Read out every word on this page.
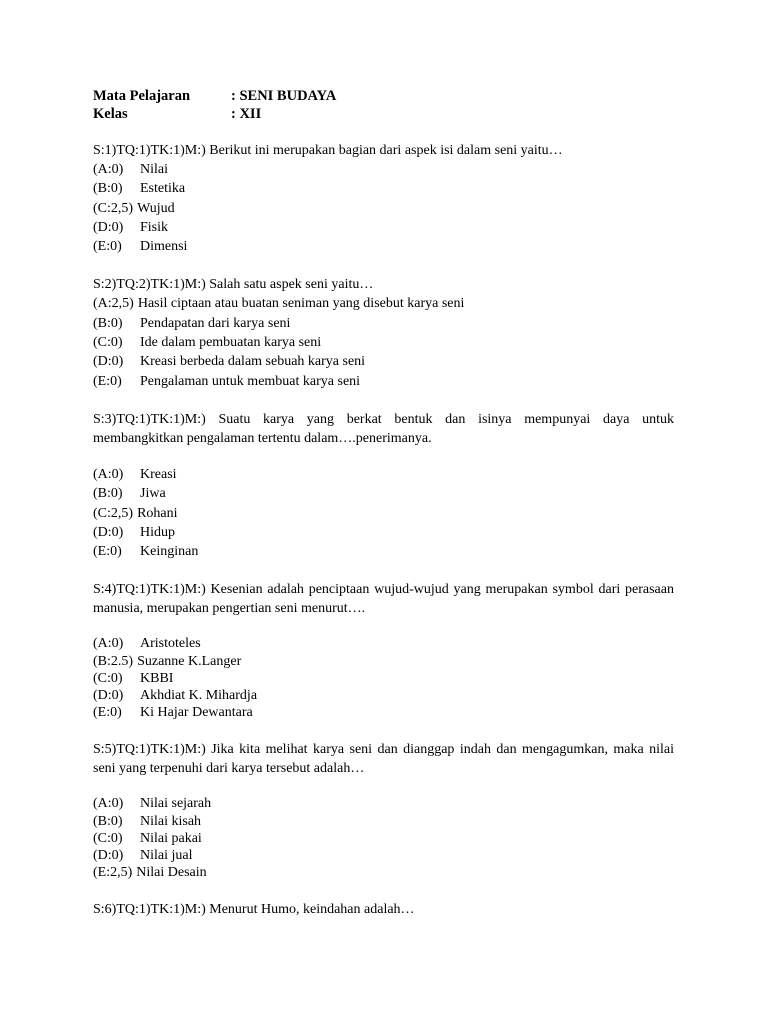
Mata Pelajaran	: SENI BUDAYA
Kelas	: XII
S:1)TQ:1)TK:1)M:) Berikut ini merupakan bagian dari aspek isi dalam seni yaitu…
(A:0)	Nilai
(B:0)	Estetika
(C:2,5) Wujud
(D:0)	Fisik
(E:0)	Dimensi
S:2)TQ:2)TK:1)M:) Salah satu aspek seni yaitu…
(A:2,5) Hasil ciptaan atau buatan seniman yang disebut karya seni
(B:0)	Pendapatan dari karya seni
(C:0)	Ide dalam pembuatan karya seni
(D:0)	Kreasi berbeda dalam sebuah karya seni
(E:0)	Pengalaman untuk membuat karya seni
S:3)TQ:1)TK:1)M:) Suatu karya yang berkat bentuk dan isinya mempunyai daya untuk membangkitkan pengalaman tertentu dalam….penerimanya.
(A:0)	Kreasi
(B:0)	Jiwa
(C:2,5) Rohani
(D:0)	Hidup
(E:0)	Keinginan
S:4)TQ:1)TK:1)M:) Kesenian adalah penciptaan wujud-wujud yang merupakan symbol dari perasaan manusia, merupakan pengertian seni menurut….
(A:0)	Aristoteles
(B:2.5) Suzanne K.Langer
(C:0)	KBBI
(D:0)	Akhdiat K. Mihardja
(E:0)	Ki Hajar Dewantara
S:5)TQ:1)TK:1)M:) Jika kita melihat karya seni dan dianggap indah dan mengagumkan, maka nilai seni yang terpenuhi dari karya tersebut adalah…
(A:0)	Nilai sejarah
(B:0)	Nilai kisah
(C:0)	Nilai pakai
(D:0)	Nilai jual
(E:2,5) Nilai Desain
S:6)TQ:1)TK:1)M:) Menurut Humo, keindahan adalah…
